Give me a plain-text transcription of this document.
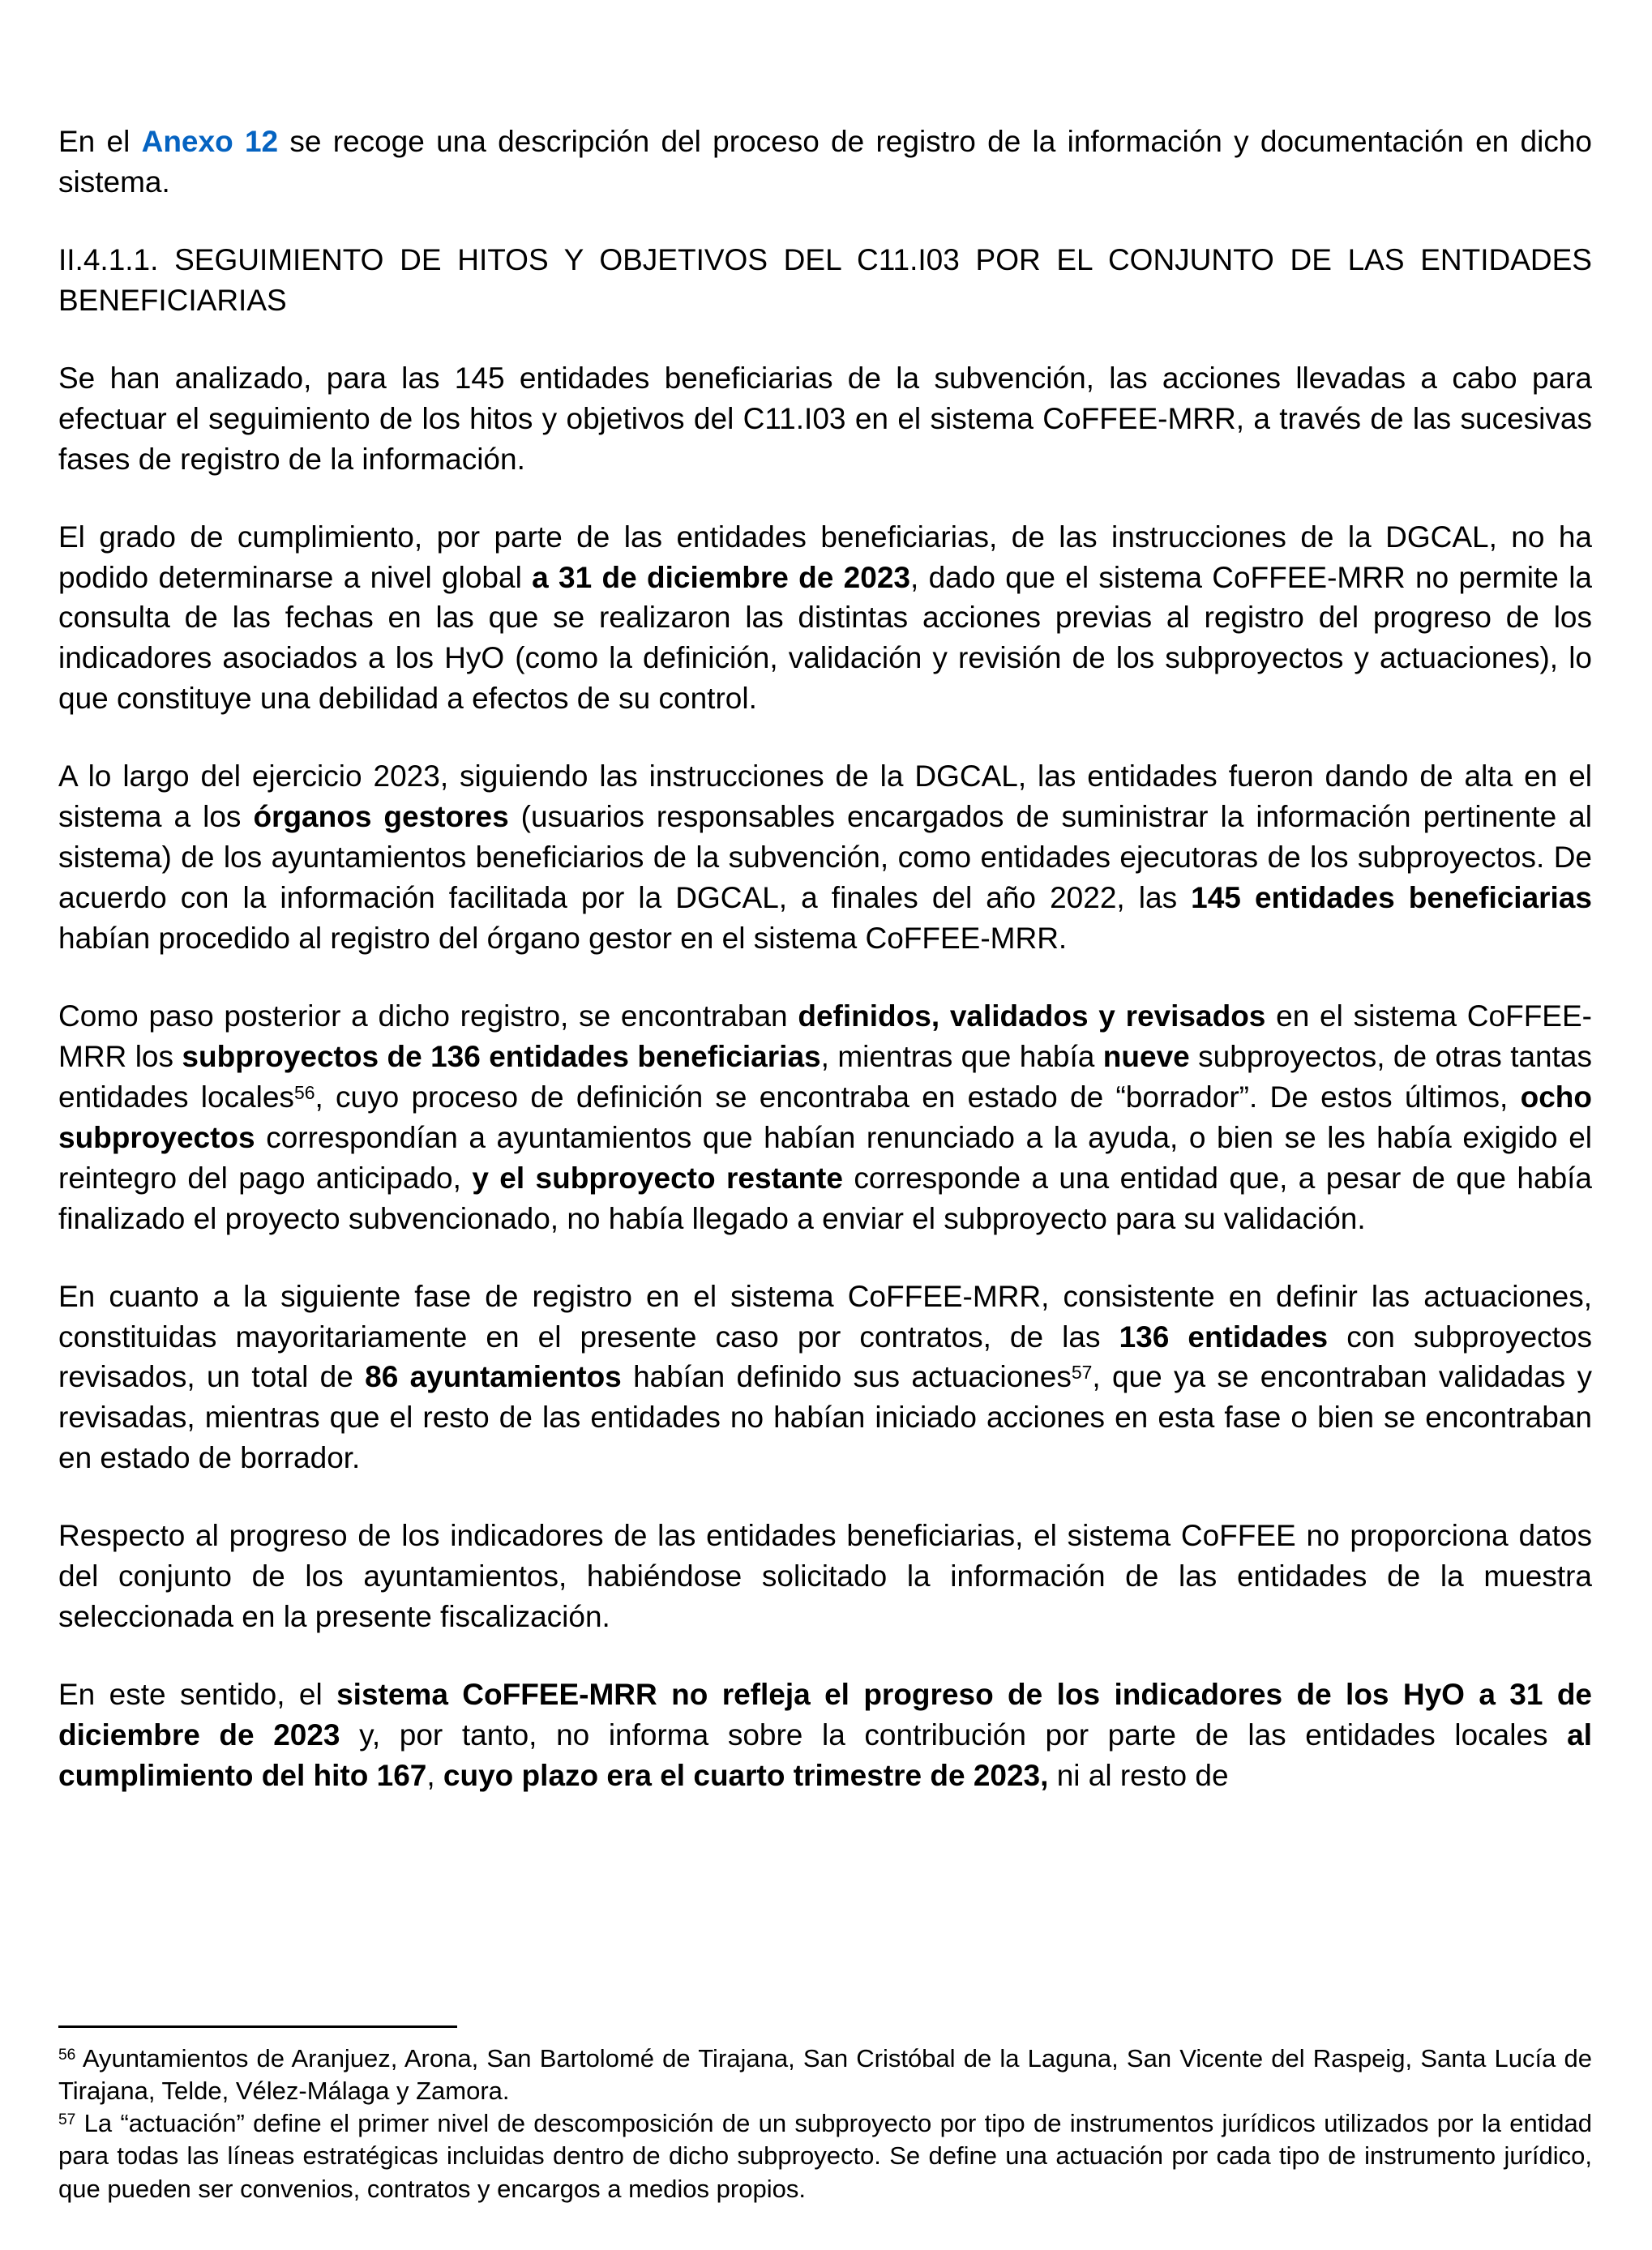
En el Anexo 12 se recoge una descripción del proceso de registro de la información y documentación en dicho sistema.

II.4.1.1. SEGUIMIENTO DE HITOS Y OBJETIVOS DEL C11.I03 POR EL CONJUNTO DE LAS ENTIDADES BENEFICIARIAS

Se han analizado, para las 145 entidades beneficiarias de la subvención, las acciones llevadas a cabo para efectuar el seguimiento de los hitos y objetivos del C11.I03 en el sistema CoFFEE-MRR, a través de las sucesivas fases de registro de la información.

El grado de cumplimiento, por parte de las entidades beneficiarias, de las instrucciones de la DGCAL, no ha podido determinarse a nivel global a 31 de diciembre de 2023, dado que el sistema CoFFEE-MRR no permite la consulta de las fechas en las que se realizaron las distintas acciones previas al registro del progreso de los indicadores asociados a los HyO (como la definición, validación y revisión de los subproyectos y actuaciones), lo que constituye una debilidad a efectos de su control.

A lo largo del ejercicio 2023, siguiendo las instrucciones de la DGCAL, las entidades fueron dando de alta en el sistema a los órganos gestores (usuarios responsables encargados de suministrar la información pertinente al sistema) de los ayuntamientos beneficiarios de la subvención, como entidades ejecutoras de los subproyectos. De acuerdo con la información facilitada por la DGCAL, a finales del año 2022, las 145 entidades beneficiarias habían procedido al registro del órgano gestor en el sistema CoFFEE-MRR.

Como paso posterior a dicho registro, se encontraban definidos, validados y revisados en el sistema CoFFEE-MRR los subproyectos de 136 entidades beneficiarias, mientras que había nueve subproyectos, de otras tantas entidades locales$^{56}$, cuyo proceso de definición se encontraba en estado de “borrador”. De estos últimos, ocho subproyectos correspondían a ayuntamientos que habían renunciado a la ayuda, o bien se les había exigido el reintegro del pago anticipado, y el subproyecto restante corresponde a una entidad que, a pesar de que había finalizado el proyecto subvencionado, no había llegado a enviar el subproyecto para su validación.

En cuanto a la siguiente fase de registro en el sistema CoFFEE-MRR, consistente en definir las actuaciones, constituidas mayoritariamente en el presente caso por contratos, de las 136 entidades con subproyectos revisados, un total de 86 ayuntamientos habían definido sus actuaciones$^{57}$, que ya se encontraban validadas y revisadas, mientras que el resto de las entidades no habían iniciado acciones en esta fase o bien se encontraban en estado de borrador.

Respecto al progreso de los indicadores de las entidades beneficiarias, el sistema CoFFEE no proporciona datos del conjunto de los ayuntamientos, habiéndose solicitado la información de las entidades de la muestra seleccionada en la presente fiscalización.

En este sentido, el sistema CoFFEE-MRR no refleja el progreso de los indicadores de los HyO a 31 de diciembre de 2023 y, por tanto, no informa sobre la contribución por parte de las entidades locales al cumplimiento del hito 167, cuyo plazo era el cuarto trimestre de 2023, ni al resto de

$^{56}$ Ayuntamientos de Aranjuez, Arona, San Bartolomé de Tirajana, San Cristóbal de la Laguna, San Vicente del Raspeig, Santa Lucía de Tirajana, Telde, Vélez-Málaga y Zamora.

$^{57}$ La “actuación” define el primer nivel de descomposición de un subproyecto por tipo de instrumentos jurídicos utilizados por la entidad para todas las líneas estratégicas incluidas dentro de dicho subproyecto. Se define una actuación por cada tipo de instrumento jurídico, que pueden ser convenios, contratos y encargos a medios propios.
